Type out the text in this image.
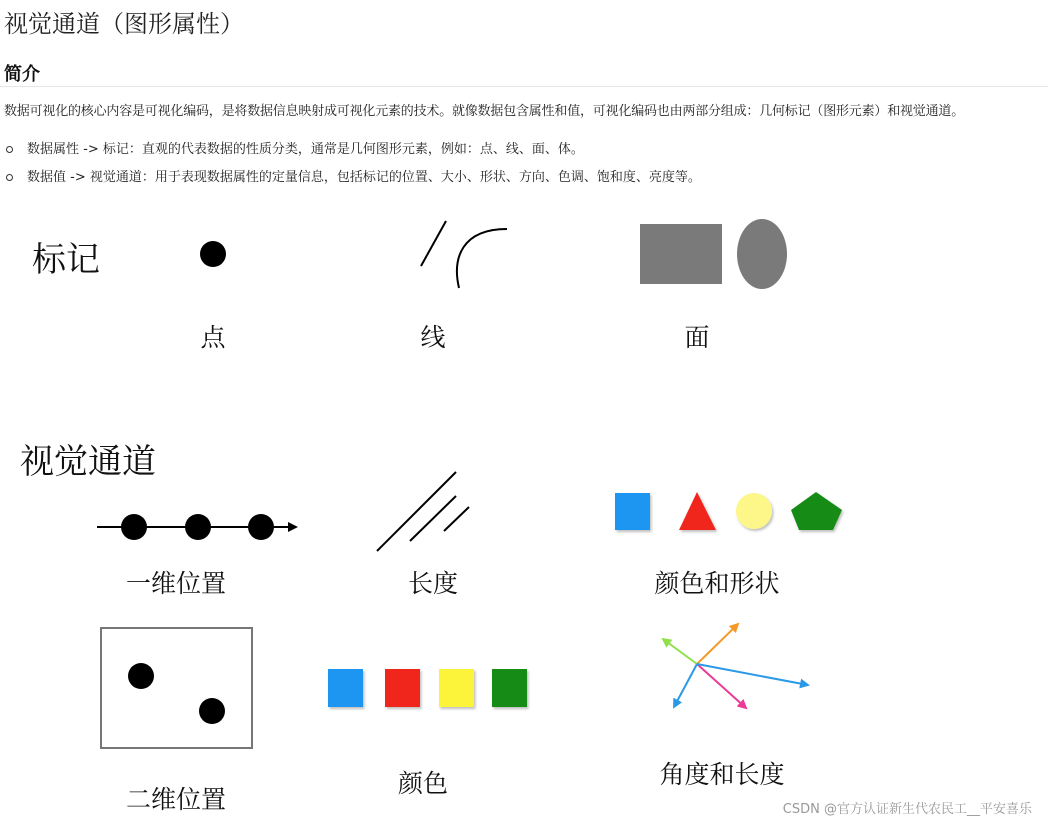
视觉通道（图形属性）
简介
数据可视化的核心内容是可视化编码，是将数据信息映射成可视化元素的技术。就像数据包含属性和值，可视化编码也由两部分组成：几何标记（图形元素）和视觉通道。
数据属性 -> 标记：直观的代表数据的性质分类，通常是几何图形元素，例如：点、线、面、体。
数据值 -> 视觉通道：用于表现数据属性的定量信息，包括标记的位置、大小、形状、方向、色调、饱和度、亮度等。
标记
点	线	面
视觉通道
一维位置	长度	颜色和形状
二维位置
颜色	角度和长度
CSDN @官方认证新生代农民工__平安喜乐
